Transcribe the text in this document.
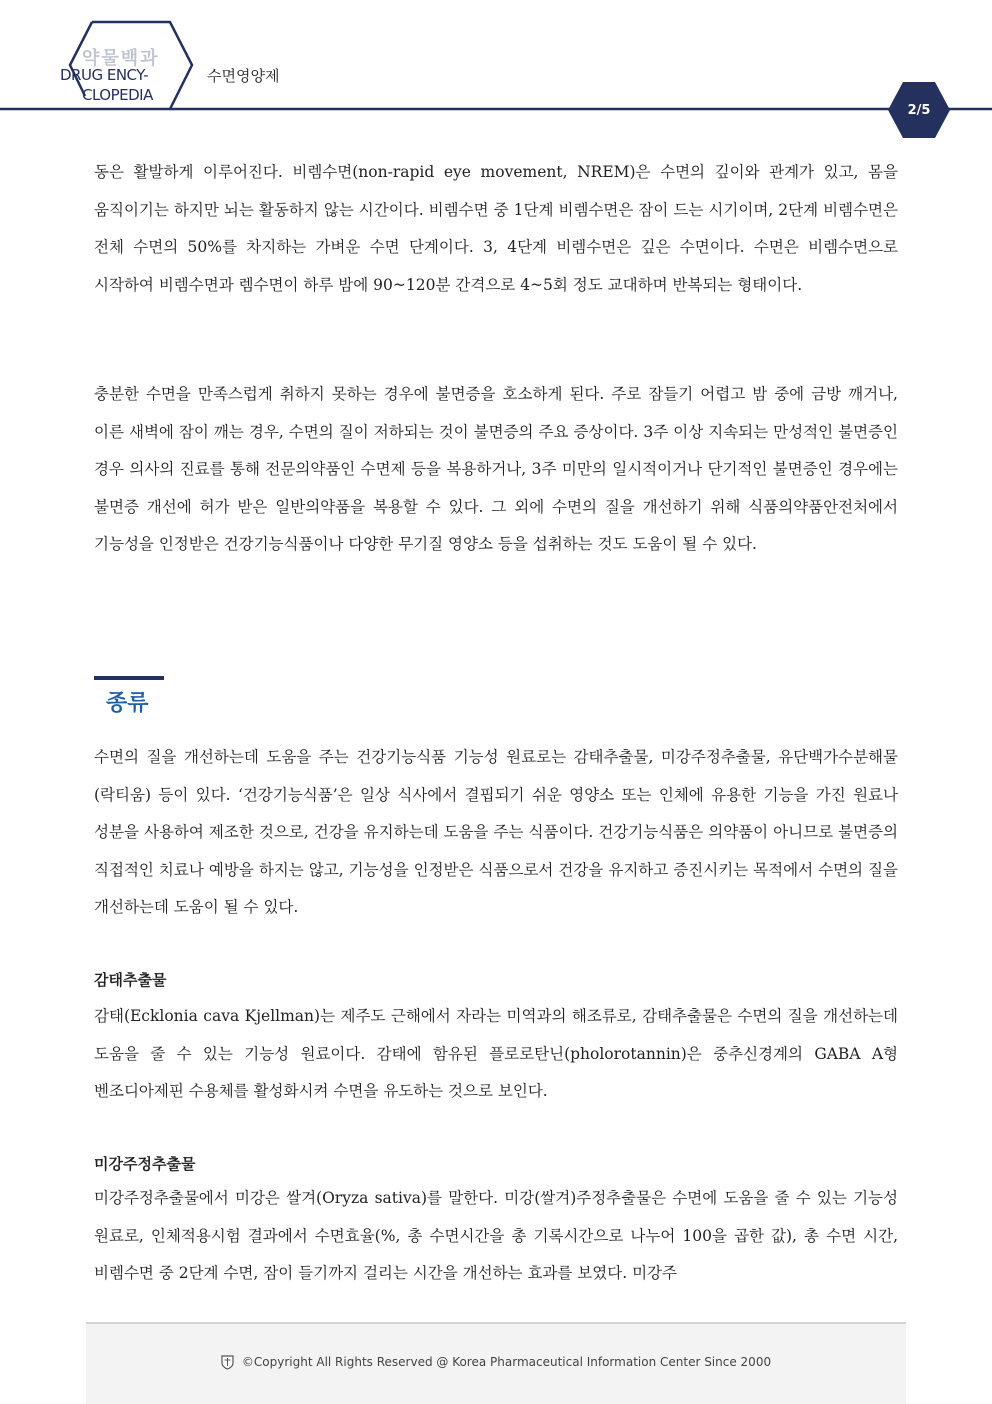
약물백과
DRUG ENCY-
CLOPEDIA
수면영양제
2/5

동은 활발하게 이루어진다. 비렘수면(non-rapid eye movement, NREM)은 수면의 깊이와 관계가 있고, 몸을 움직이기는 하지만 뇌는 활동하지 않는 시간이다. 비렘수면 중 1단계 비렘수면은 잠이 드는 시기이며, 2단계 비렘수면은 전체 수면의 50%를 차지하는 가벼운 수면 단계이다. 3, 4단계 비렘수면은 깊은 수면이다. 수면은 비렘수면으로 시작하여 비렘수면과 렘수면이 하루 밤에 90~120분 간격으로 4~5회 정도 교대하며 반복되는 형태이다.

충분한 수면을 만족스럽게 취하지 못하는 경우에 불면증을 호소하게 된다. 주로 잠들기 어렵고 밤 중에 금방 깨거나, 이른 새벽에 잠이 깨는 경우, 수면의 질이 저하되는 것이 불면증의 주요 증상이다. 3주 이상 지속되는 만성적인 불면증인 경우 의사의 진료를 통해 전문의약품인 수면제 등을 복용하거나, 3주 미만의 일시적이거나 단기적인 불면증인 경우에는 불면증 개선에 허가 받은 일반의약품을 복용할 수 있다. 그 외에 수면의 질을 개선하기 위해 식품의약품안전처에서 기능성을 인정받은 건강기능식품이나 다양한 무기질 영양소 등을 섭취하는 것도 도움이 될 수 있다.

종류

수면의 질을 개선하는데 도움을 주는 건강기능식품 기능성 원료로는 감태추출물, 미강주정추출물, 유단백가수분해물(락티움) 등이 있다. ‘건강기능식품’은 일상 식사에서 결핍되기 쉬운 영양소 또는 인체에 유용한 기능을 가진 원료나 성분을 사용하여 제조한 것으로, 건강을 유지하는데 도움을 주는 식품이다. 건강기능식품은 의약품이 아니므로 불면증의 직접적인 치료나 예방을 하지는 않고, 기능성을 인정받은 식품으로서 건강을 유지하고 증진시키는 목적에서 수면의 질을 개선하는데 도움이 될 수 있다.

감태추출물

감태(Ecklonia cava Kjellman)는 제주도 근해에서 자라는 미역과의 해조류로, 감태추출물은 수면의 질을 개선하는데 도움을 줄 수 있는 기능성 원료이다. 감태에 함유된 플로로탄닌(pholorotannin)은 중추신경계의 GABA A형 벤조디아제핀 수용체를 활성화시켜 수면을 유도하는 것으로 보인다.

미강주정추출물

미강주정추출물에서 미강은 쌀겨(Oryza sativa)를 말한다. 미강(쌀겨)주정추출물은 수면에 도움을 줄 수 있는 기능성 원료로, 인체적용시험 결과에서 수면효율(%, 총 수면시간을 총 기록시간으로 나누어 100을 곱한 값), 총 수면 시간, 비렘수면 중 2단계 수면, 잠이 들기까지 걸리는 시간을 개선하는 효과를 보였다. 미강주

©Copyright All Rights Reserved @ Korea Pharmaceutical Information Center Since 2000
